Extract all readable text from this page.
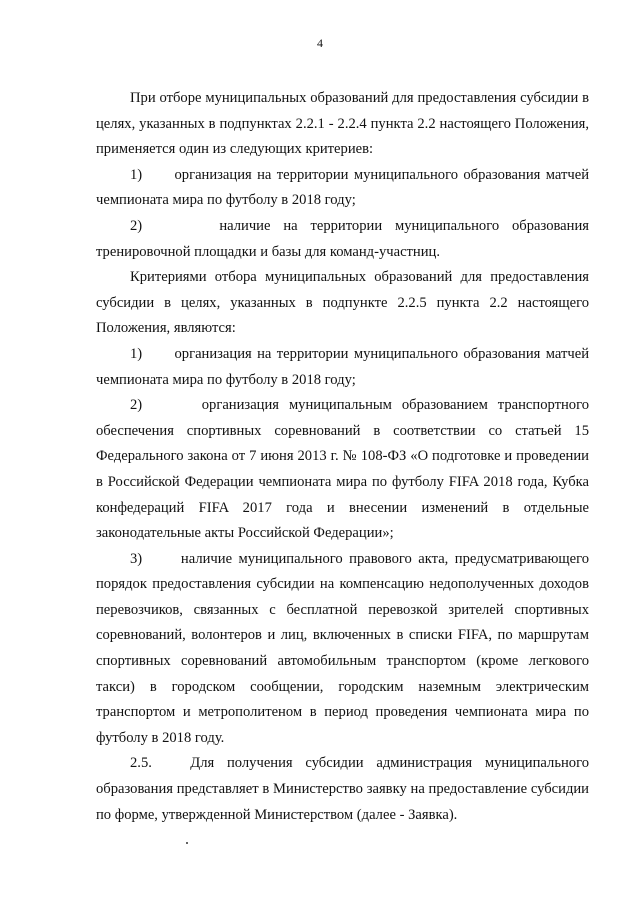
4

При отборе муниципальных образований для предоставления субсидии в целях, указанных в подпунктах 2.2.1 - 2.2.4 пункта 2.2 настоящего Положения, применяется один из следующих критериев:

1)      организация на территории муниципального образования матчей чемпионата мира по футболу в 2018 году;

2)      наличие на территории муниципального образования тренировочной площадки и базы для команд-участниц.

Критериями отбора муниципальных образований для предоставления субсидии в целях, указанных в подпункте 2.2.5 пункта 2.2 настоящего Положения, являются:

1)      организация на территории муниципального образования матчей чемпионата мира по футболу в 2018 году;

2)      организация муниципальным образованием транспортного обеспечения спортивных соревнований в соответствии со статьей 15 Федерального закона от 7 июня 2013 г. № 108-ФЗ «О подготовке и проведении в Российской Федерации чемпионата мира по футболу FIFA 2018 года, Кубка конфедераций FIFA 2017 года и внесении изменений в отдельные законодательные акты Российской Федерации»;

3)      наличие муниципального правового акта, предусматривающего порядок предоставления субсидии на компенсацию недополученных доходов перевозчиков, связанных с бесплатной перевозкой зрителей спортивных соревнований, волонтеров и лиц, включенных в списки FIFA, по маршрутам спортивных соревнований автомобильным транспортом (кроме легкового такси) в городском сообщении, городским наземным электрическим транспортом и метрополитеном в период проведения чемпионата мира по футболу в 2018 году.

2.5.   Для получения субсидии администрация муниципального образования представляет в Министерство заявку на предоставление субсидии по форме, утвержденной Министерством (далее - Заявка).
